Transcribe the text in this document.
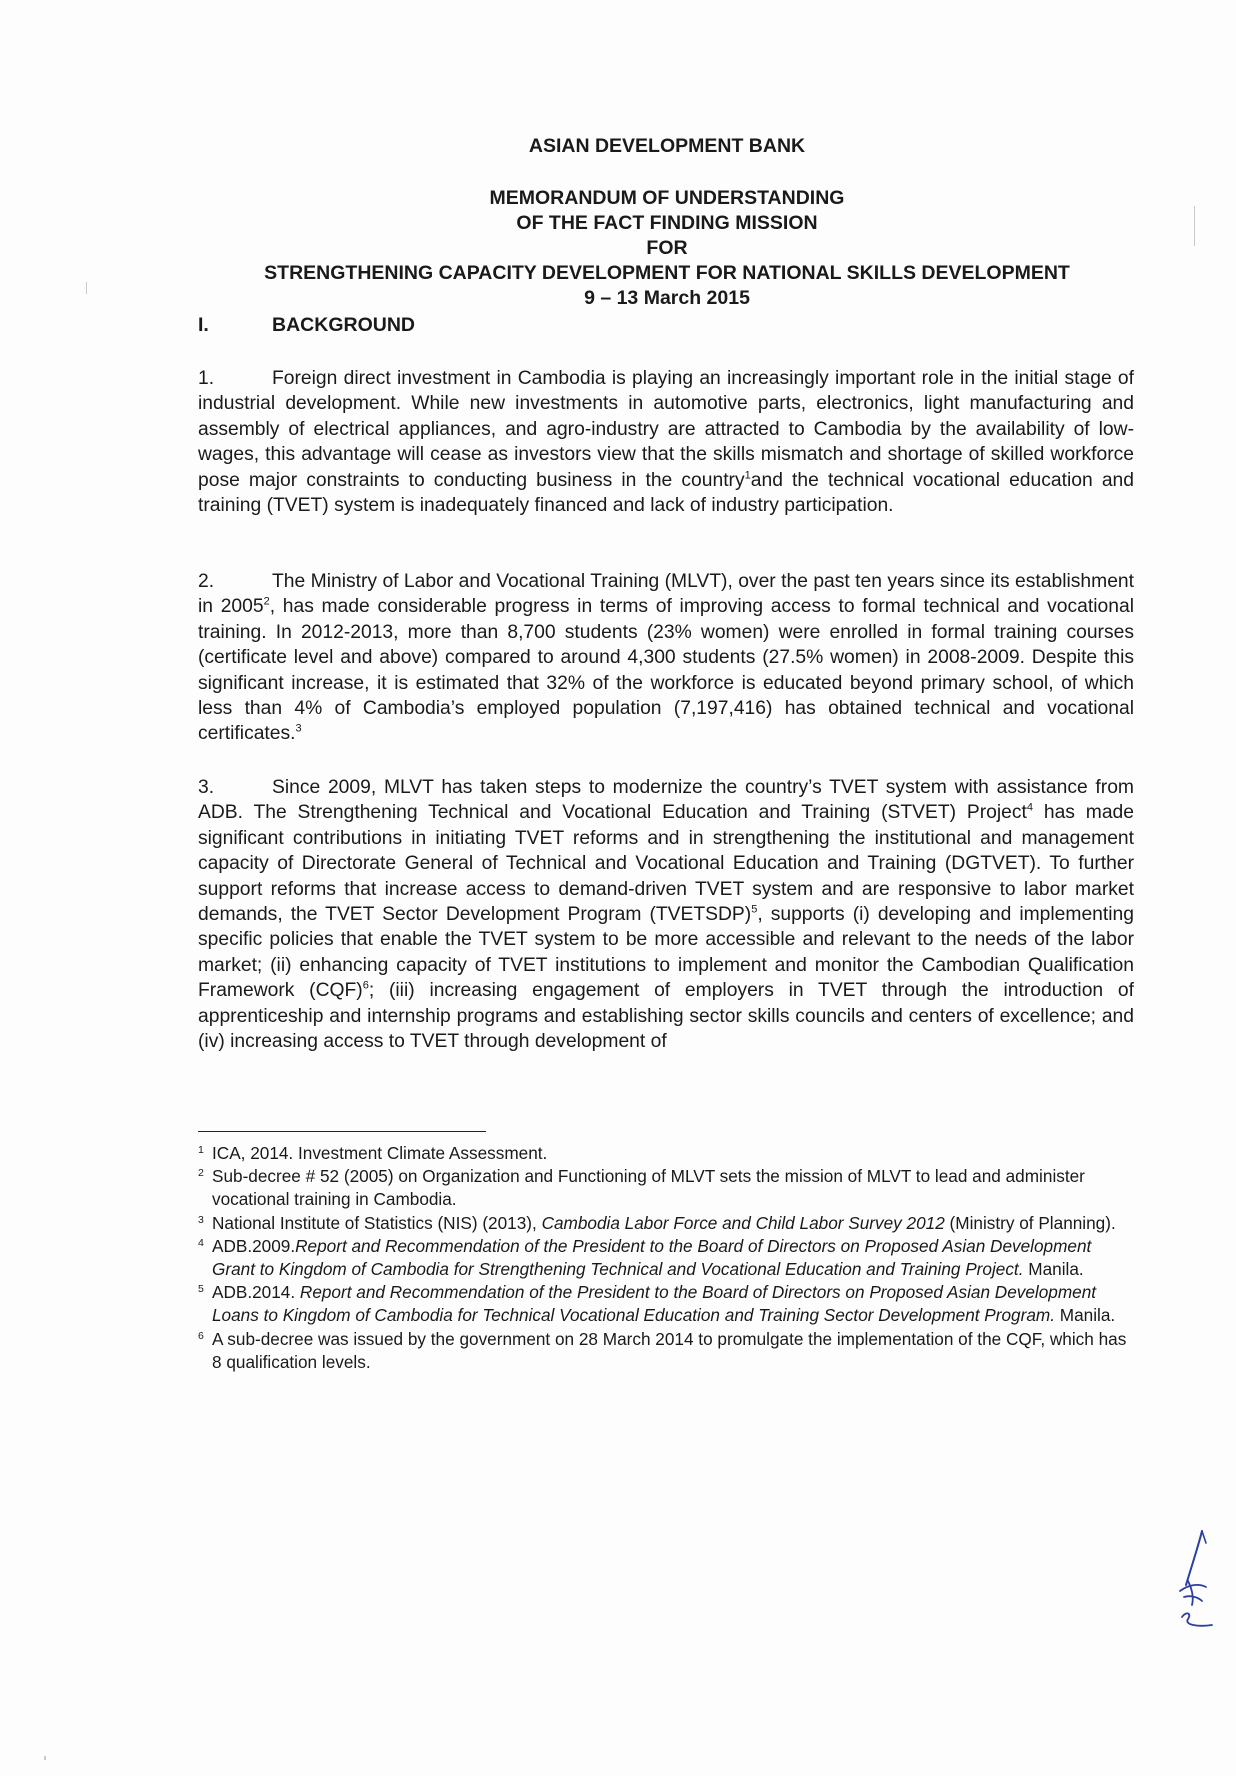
ASIAN DEVELOPMENT BANK
MEMORANDUM OF UNDERSTANDING
OF THE FACT FINDING MISSION
FOR
STRENGTHENING CAPACITY DEVELOPMENT FOR NATIONAL SKILLS DEVELOPMENT
9 – 13 March 2015
I.	BACKGROUND

1.	Foreign direct investment in Cambodia is playing an increasingly important role in the initial stage of industrial development. While new investments in automotive parts, electronics, light manufacturing and assembly of electrical appliances, and agro-industry are attracted to Cambodia by the availability of low-wages, this advantage will cease as investors view that the skills mismatch and shortage of skilled workforce pose major constraints to conducting business in the country$^1$and the technical vocational education and training (TVET) system is inadequately financed and lack of industry participation.

2.	The Ministry of Labor and Vocational Training (MLVT), over the past ten years since its establishment in 2005$^2$, has made considerable progress in terms of improving access to formal technical and vocational training. In 2012-2013, more than 8,700 students (23% women) were enrolled in formal training courses (certificate level and above) compared to around 4,300 students (27.5% women) in 2008-2009. Despite this significant increase, it is estimated that 32% of the workforce is educated beyond primary school, of which less than 4% of Cambodia’s employed population (7,197,416) has obtained technical and vocational certificates.$^3$

3.	Since 2009, MLVT has taken steps to modernize the country’s TVET system with assistance from ADB. The Strengthening Technical and Vocational Education and Training (STVET) Project$^4$ has made significant contributions in initiating TVET reforms and in strengthening the institutional and management capacity of Directorate General of Technical and Vocational Education and Training (DGTVET). To further support reforms that increase access to demand-driven TVET system and are responsive to labor market demands, the TVET Sector Development Program (TVETSDP)$^5$, supports (i) developing and implementing specific policies that enable the TVET system to be more accessible and relevant to the needs of the labor market; (ii) enhancing capacity of TVET institutions to implement and monitor the Cambodian Qualification Framework (CQF)$^6$; (iii) increasing engagement of employers in TVET through the introduction of apprenticeship and internship programs and establishing sector skills councils and centers of excellence; and (iv) increasing access to TVET through development of

1 ICA, 2014. Investment Climate Assessment.

2 Sub-decree # 52 (2005) on Organization and Functioning of MLVT sets the mission of MLVT to lead and administer vocational training in Cambodia.

3 National Institute of Statistics (NIS) (2013), Cambodia Labor Force and Child Labor Survey 2012 (Ministry of Planning).

4 ADB.2009.Report and Recommendation of the President to the Board of Directors on Proposed Asian Development Grant to Kingdom of Cambodia for Strengthening Technical and Vocational Education and Training Project. Manila.

5 ADB.2014. Report and Recommendation of the President to the Board of Directors on Proposed Asian Development Loans to Kingdom of Cambodia for Technical Vocational Education and Training Sector Development Program. Manila.

6 A sub-decree was issued by the government on 28 March 2014 to promulgate the implementation of the CQF, which has 8 qualification levels.
